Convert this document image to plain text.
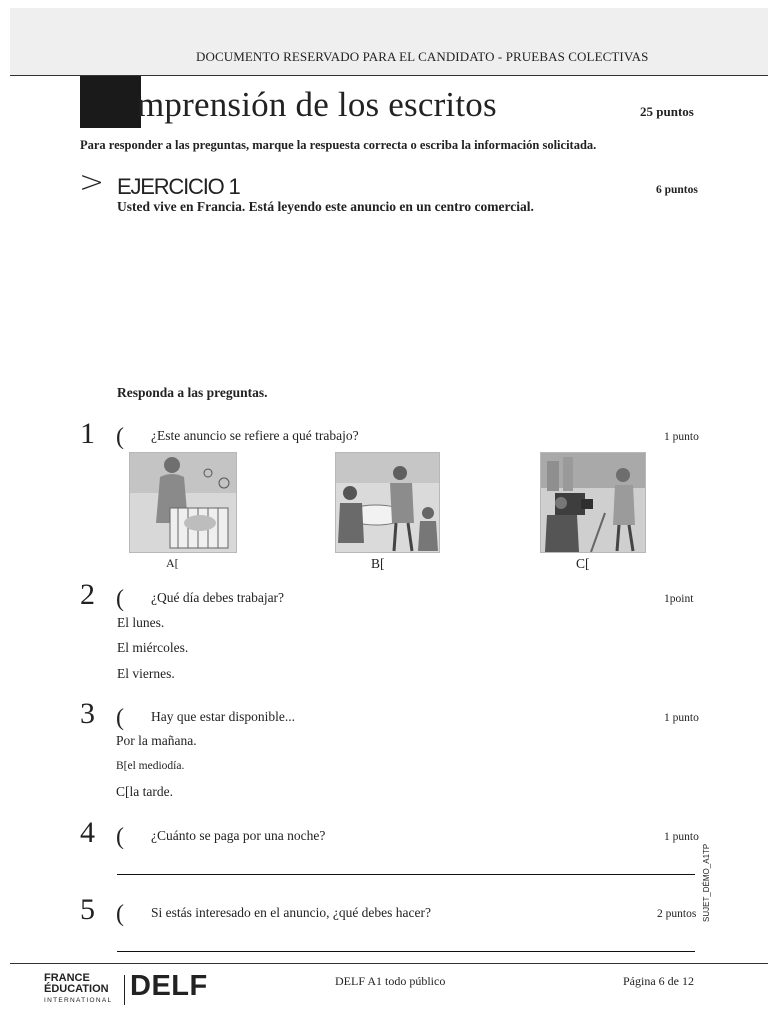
DOCUMENTO RESERVADO PARA EL CANDIDATO - PRUEBAS COLECTIVAS
mprensión de los escritos	25 puntos
Para responder a las preguntas, marque la respuesta correcta o escriba la información solicitada.
> EJERCICIO 1	6 puntos
Usted vive en Francia. Está leyendo este anuncio en un centro comercial.
Responda a las preguntas.
1 ( ¿Este anuncio se refiere a qué trabajo?	1 punto
A[	B[	C[
2 ( ¿Qué día debes trabajar?	1point
El lunes.
El miércoles.
El viernes.
3 ( Hay que estar disponible...	1 punto
Por la mañana.
B[el mediodía.
C[la tarde.
4 ( ¿Cuánto se paga por una noche?	1 punto
5 ( Si estás interesado en el anuncio, ¿qué debes hacer?	2 puntos SUJET_DÉMO_A1TP
FRANCE
ÉDUCATION
INTERNATIONAL DELF	DELF A1 todo público	Página 6 de 12
